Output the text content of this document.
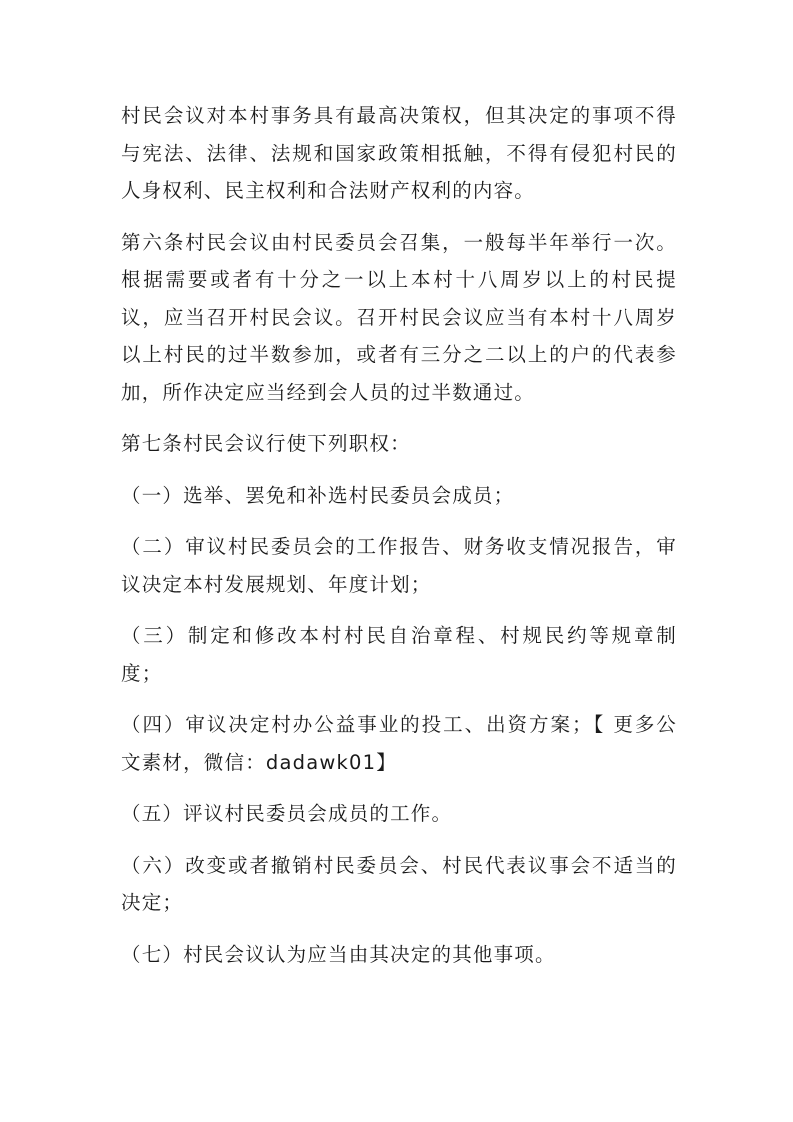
村民会议对本村事务具有最高决策权，但其决定的事项不得与宪法、法律、法规和国家政策相抵触，不得有侵犯村民的人身权利、民主权利和合法财产权利的内容。

第六条村民会议由村民委员会召集，一般每半年举行一次。根据需要或者有十分之一以上本村十八周岁以上的村民提议，应当召开村民会议。召开村民会议应当有本村十八周岁以上村民的过半数参加，或者有三分之二以上的户的代表参加，所作决定应当经到会人员的过半数通过。

第七条村民会议行使下列职权：

（一）选举、罢免和补选村民委员会成员；

（二）审议村民委员会的工作报告、财务收支情况报告，审议决定本村发展规划、年度计划；

（三）制定和修改本村村民自治章程、村规民约等规章制度；

（四）审议决定村办公益事业的投工、出资方案；【 更多公文素材，微信：dadawk01】

（五）评议村民委员会成员的工作。

（六）改变或者撤销村民委员会、村民代表议事会不适当的决定；

（七）村民会议认为应当由其决定的其他事项。
